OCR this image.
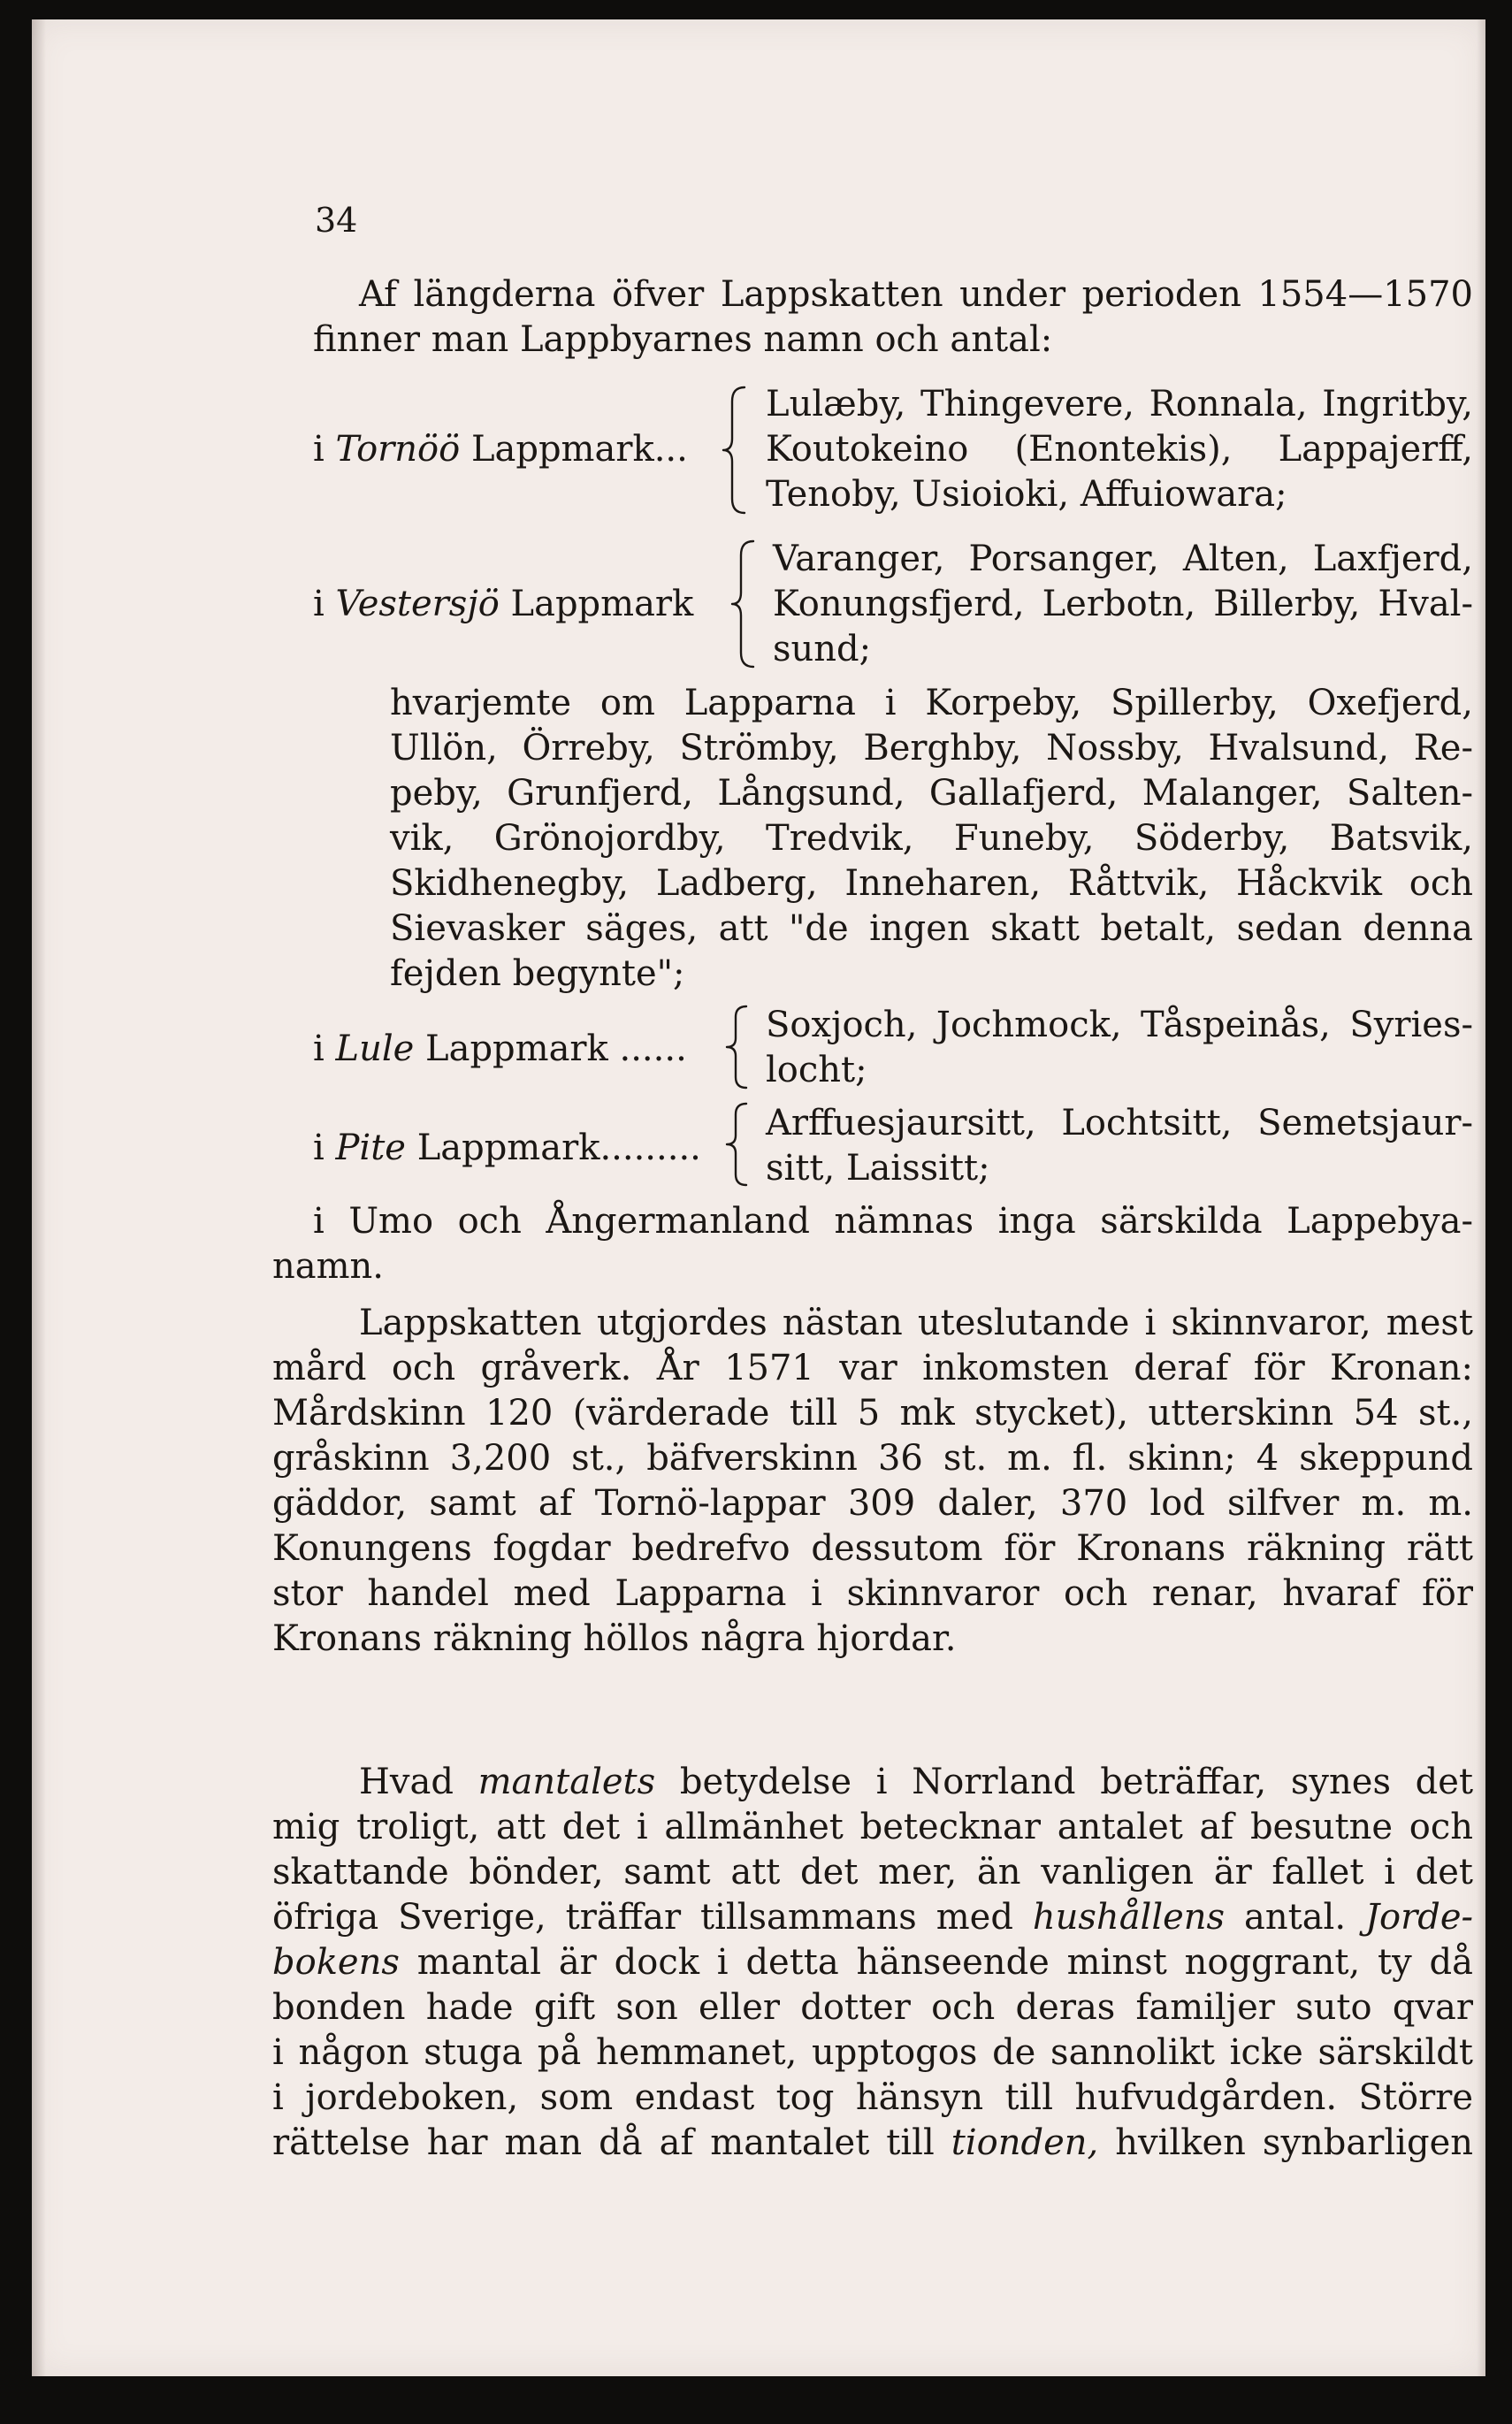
34
Af längderna öfver Lappskatten under perioden 1554—1570
finner man Lappbyarnes namn och antal:
i Tornöö Lappmark...
Lulæby, Thingevere, Ronnala, Ingritby,
Koutokeino (Enontekis), Lappajerff,
Tenoby, Usioioki, Affuiowara;
i Vestersjö Lappmark
Varanger, Porsanger, Alten, Laxfjerd,
Konungsfjerd, Lerbotn, Billerby, Hval-
sund;
hvarjemte om Lapparna i Korpeby, Spillerby, Oxefjerd,
Ullön, Örreby, Strömby, Berghby, Nossby, Hvalsund, Re-
peby, Grunfjerd, Långsund, Gallafjerd, Malanger, Salten-
vik, Grönojordby, Tredvik, Funeby, Söderby, Batsvik,
Skidhenegby, Ladberg, Inneharen, Råttvik, Håckvik och
Sievasker säges, att "de ingen skatt betalt, sedan denna
fejden begynte";
i Lule Lappmark ......
Soxjoch, Jochmock, Tåspeinås, Syries-
locht;
i Pite Lappmark.........
Arffuesjaursitt, Lochtsitt, Semetsjaur-
sitt, Laissitt;
i Umo och Ångermanland nämnas inga särskilda Lappebya-
namn.
Lappskatten utgjordes nästan uteslutande i skinnvaror, mest
mård och gråverk. År 1571 var inkomsten deraf för Kronan:
Mårdskinn 120 (värderade till 5 mk stycket), utterskinn 54 st.,
gråskinn 3,200 st., bäfverskinn 36 st. m. fl. skinn; 4 skeppund
gäddor, samt af Tornö-lappar 309 daler, 370 lod silfver m. m.
Konungens fogdar bedrefvo dessutom för Kronans räkning rätt
stor handel med Lapparna i skinnvaror och renar, hvaraf för
Kronans räkning höllos några hjordar.
Hvad mantalets betydelse i Norrland beträffar, synes det
mig troligt, att det i allmänhet betecknar antalet af besutne och
skattande bönder, samt att det mer, än vanligen är fallet i det
öfriga Sverige, träffar tillsammans med hushållens antal. Jorde-
bokens mantal är dock i detta hänseende minst noggrant, ty då
bonden hade gift son eller dotter och deras familjer suto qvar
i någon stuga på hemmanet, upptogos de sannolikt icke särskildt
i jordeboken, som endast tog hänsyn till hufvudgården. Större
rättelse har man då af mantalet till tionden, hvilken synbarligen
